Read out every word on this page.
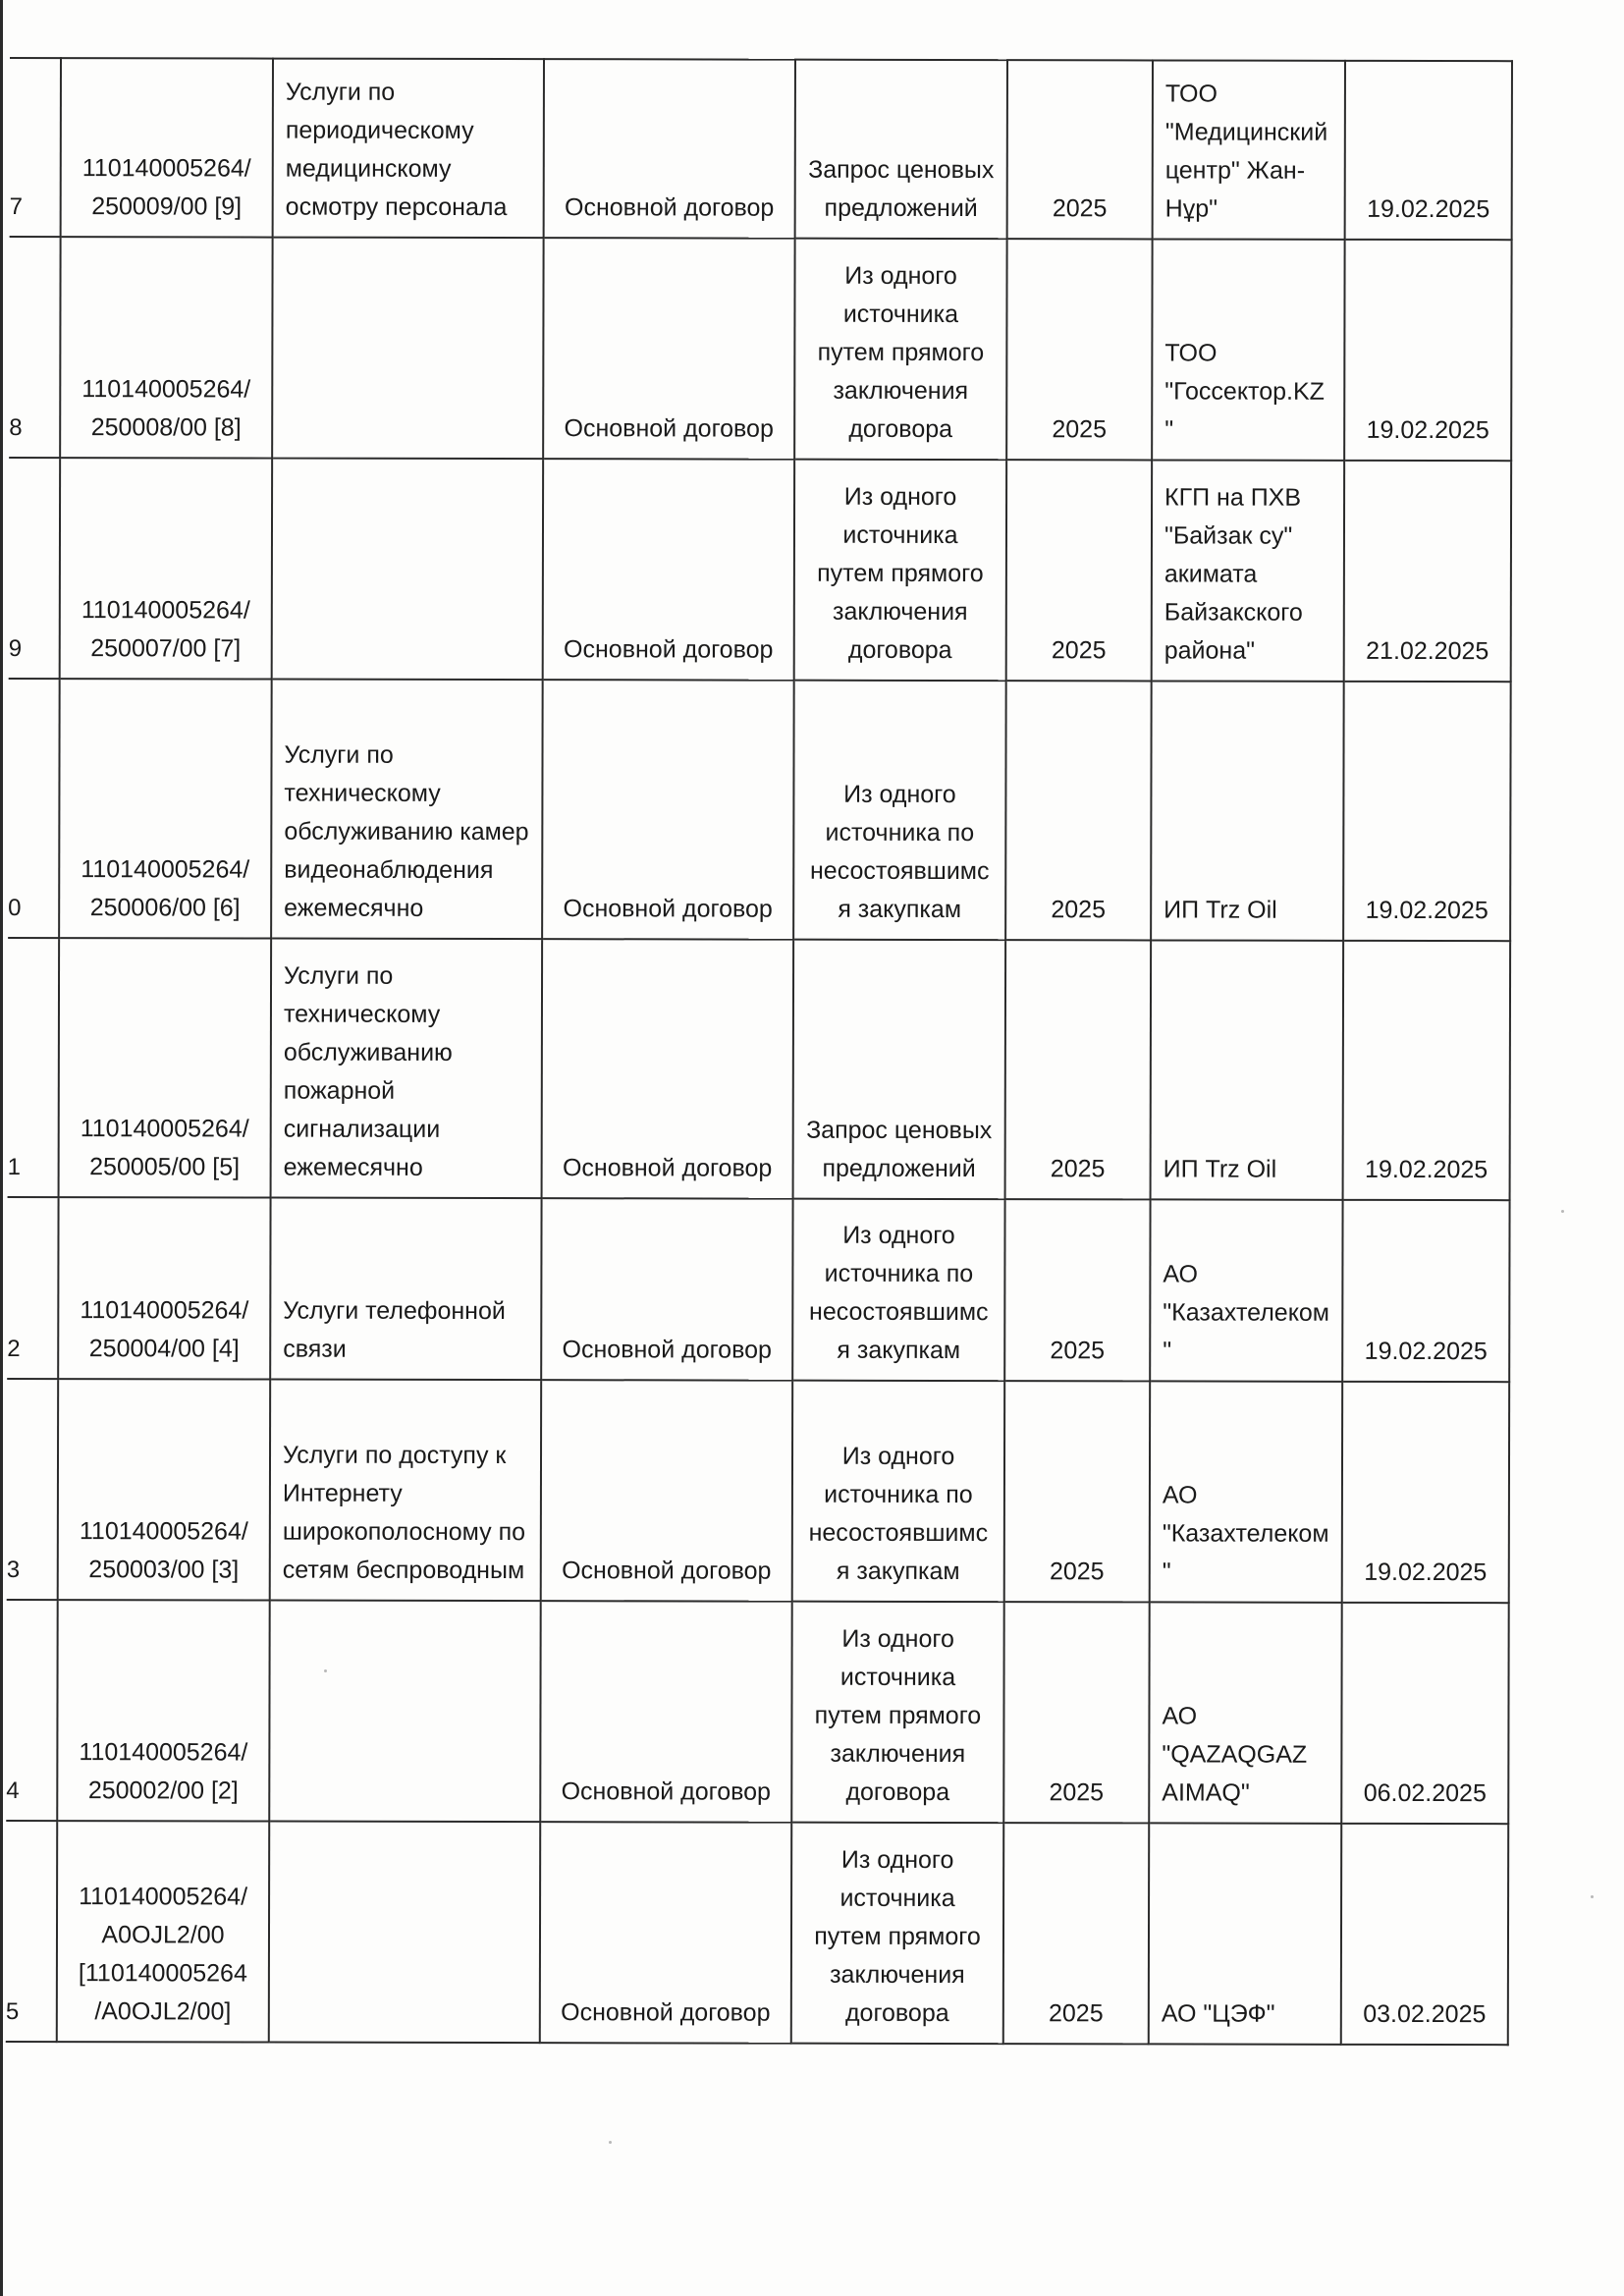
7	110140005264/ 250009/00 [9]	Услуги по периодическому медицинскому осмотру персонала	Основной договор	Запрос ценовых предложений	2025	ТОО "Медицинский центр" Жан-Нұр"	19.02.2025
8	110140005264/ 250008/00 [8]		Основной договор	Из одного источника путем прямого заключения договора	2025	ТОО "Госсектор.KZ "	19.02.2025
9	110140005264/ 250007/00 [7]		Основной договор	Из одного источника путем прямого заключения договора	2025	КГП на ПХВ "Байзак су" акимата Байзакского района"	21.02.2025
0	110140005264/ 250006/00 [6]	Услуги по техническому обслуживанию камер видеонаблюдения ежемесячно	Основной договор	Из одного источника по несостоявшимся закупкам	2025	ИП Trz Oil	19.02.2025
1	110140005264/ 250005/00 [5]	Услуги по техническому обслуживанию пожарной сигнализации ежемесячно	Основной договор	Запрос ценовых предложений	2025	ИП Trz Oil	19.02.2025
2	110140005264/ 250004/00 [4]	Услуги телефонной связи	Основной договор	Из одного источника по несостоявшимся закупкам	2025	АО "Казахтелеком"	19.02.2025
3	110140005264/ 250003/00 [3]	Услуги по доступу к Интернету широкополосному по сетям беспроводным	Основной договор	Из одного источника по несостоявшимся закупкам	2025	АО "Казахтелеком"	19.02.2025
4	110140005264/ 250002/00 [2]		Основной договор	Из одного источника путем прямого заключения договора	2025	АО "QAZAQGAZ AIMAQ"	06.02.2025
5	110140005264/ A0OJL2/00 [110140005264 /A0OJL2/00]		Основной договор	Из одного источника путем прямого заключения договора	2025	АО "ЦЭФ"	03.02.2025
